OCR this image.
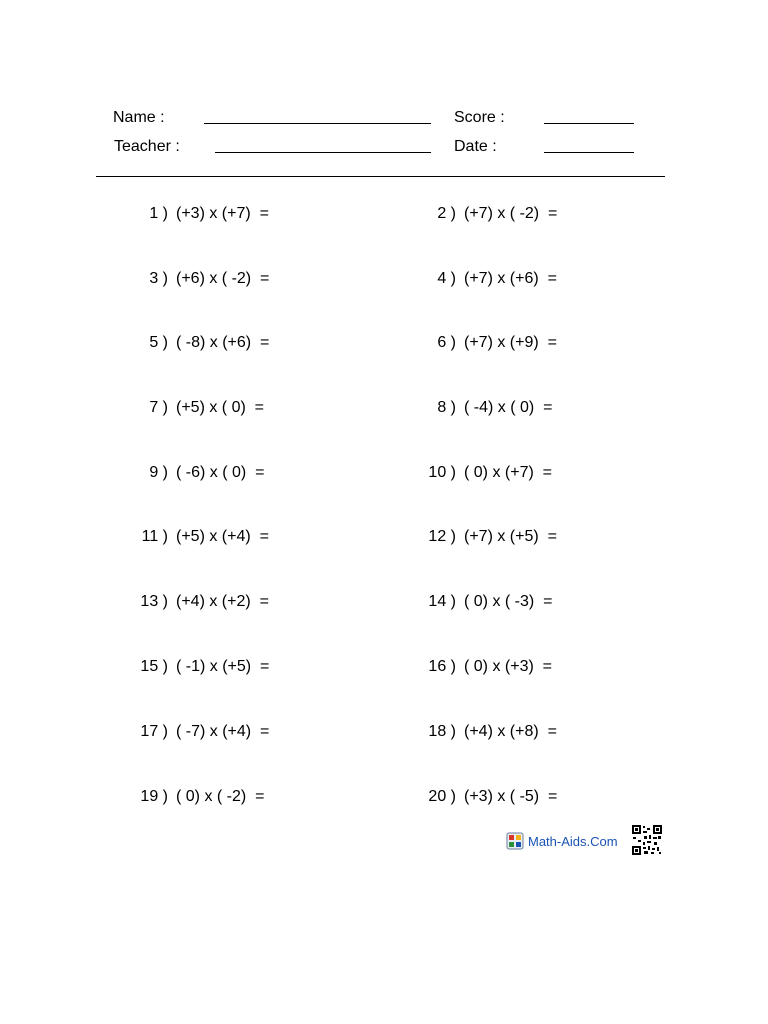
Name :	Score :
Teacher :	Date :
1 ) (+3) x (+7)  =	2 ) (+7) x ( -2)  =
3 ) (+6) x ( -2)  =	4 ) (+7) x (+6)  =
5 ) ( -8) x (+6)  =	6 ) (+7) x (+9)  =
7 ) (+5) x ( 0)  =	8 ) ( -4) x ( 0)  =
9 ) ( -6) x ( 0)  =	10 ) ( 0) x (+7)  =
11 ) (+5) x (+4)  =	12 ) (+7) x (+5)  =
13 ) (+4) x (+2)  =	14 ) ( 0) x ( -3)  =
15 ) ( -1) x (+5)  =	16 ) ( 0) x (+3)  =
17 ) ( -7) x (+4)  =	18 ) (+4) x (+8)  =
19 ) ( 0) x ( -2)  =	20 ) (+3) x ( -5)  =
Math-Aids.Com
